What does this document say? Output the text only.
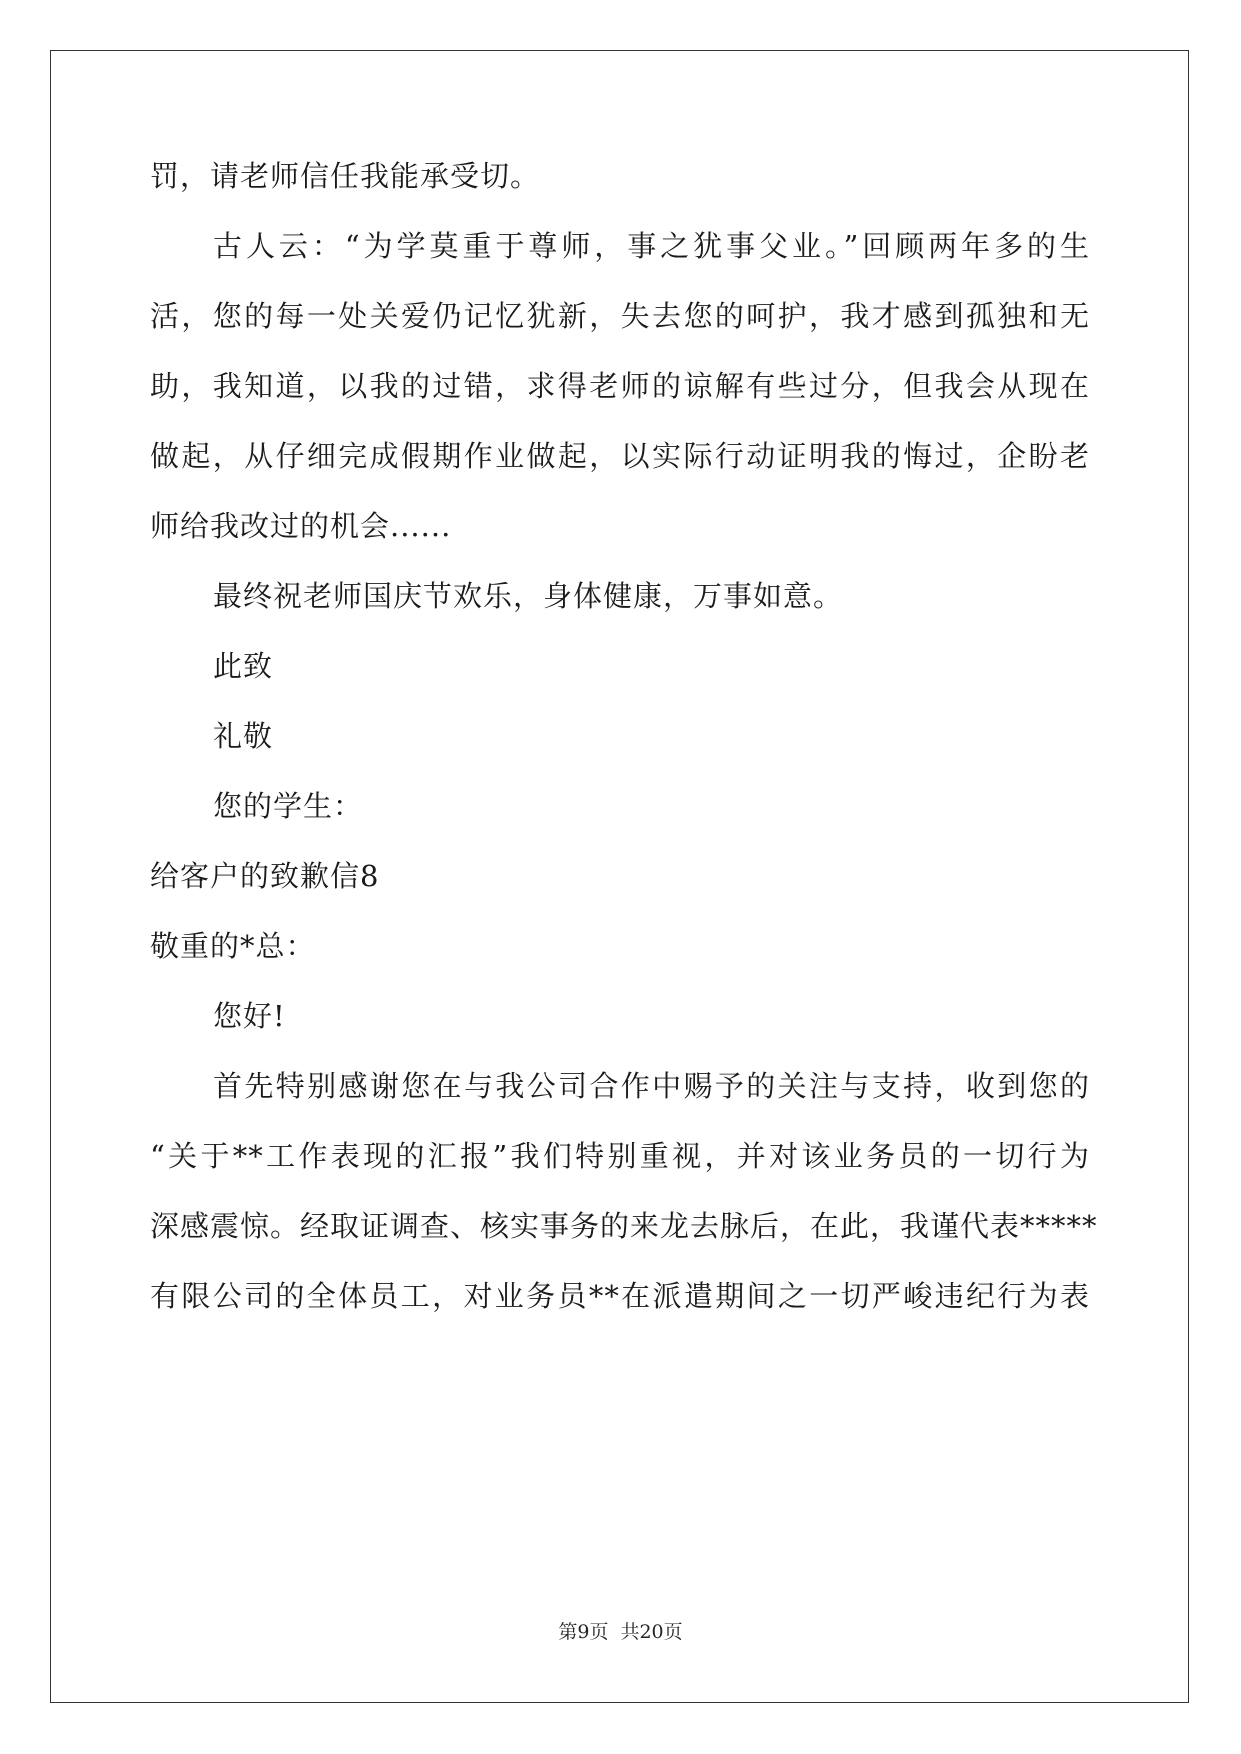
罚，请老师信任我能承受切。
古人云：“为学莫重于尊师，事之犹事父业。”回顾两年多的生
活，您的每一处关爱仍记忆犹新，失去您的呵护，我才感到孤独和无
助，我知道，以我的过错，求得老师的谅解有些过分，但我会从现在
做起，从仔细完成假期作业做起，以实际行动证明我的悔过，企盼老
师给我改过的机会......
最终祝老师国庆节欢乐，身体健康，万事如意。
此致
礼敬
您的学生：
给客户的致歉信8
敬重的*总：
您好!
首先特别感谢您在与我公司合作中赐予的关注与支持，收到您的
“关于**工作表现的汇报”我们特别重视，并对该业务员的一切行为
深感震惊。经取证调查、核实事务的来龙去脉后，在此，我谨代表*****
有限公司的全体员工，对业务员**在派遣期间之一切严峻违纪行为表
第9页 共20页
